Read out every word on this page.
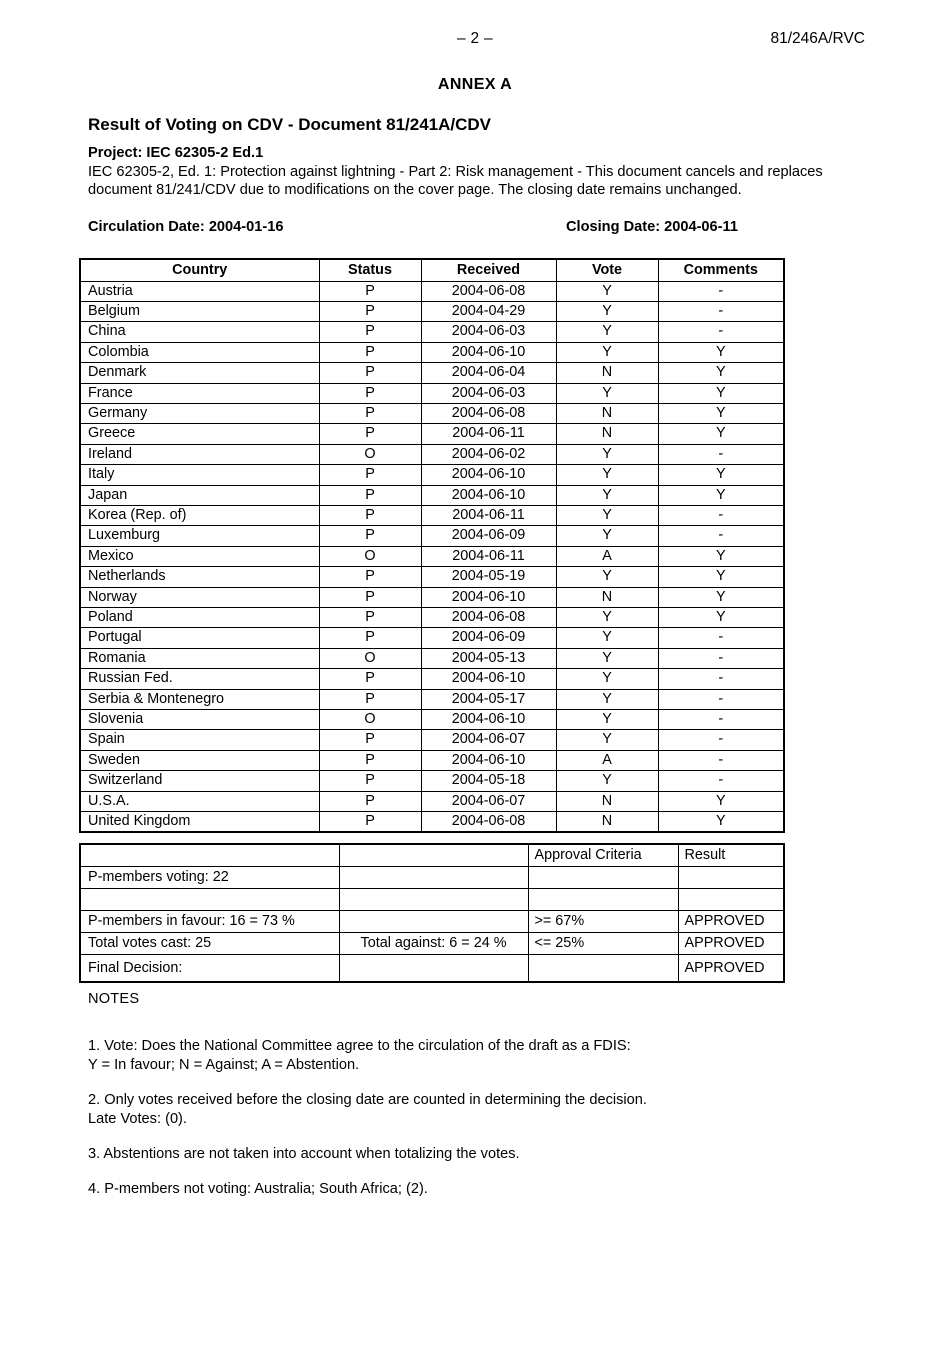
– 2 –	81/246A/RVC
ANNEX A
Result of Voting on CDV - Document 81/241A/CDV
Project: IEC 62305-2 Ed.1
IEC 62305-2, Ed. 1: Protection against lightning - Part 2: Risk management - This document cancels and replaces document 81/241/CDV due to modifications on the cover page. The closing date remains unchanged.
Circulation Date: 2004-01-16	Closing Date: 2004-06-11
Country	Status	Received	Vote	Comments
Austria	P	2004-06-08	Y	-
Belgium	P	2004-04-29	Y	-
China	P	2004-06-03	Y	-
Colombia	P	2004-06-10	Y	Y
Denmark	P	2004-06-04	N	Y
France	P	2004-06-03	Y	Y
Germany	P	2004-06-08	N	Y
Greece	P	2004-06-11	N	Y
Ireland	O	2004-06-02	Y	-
Italy	P	2004-06-10	Y	Y
Japan	P	2004-06-10	Y	Y
Korea (Rep. of)	P	2004-06-11	Y	-
Luxemburg	P	2004-06-09	Y	-
Mexico	O	2004-06-11	A	Y
Netherlands	P	2004-05-19	Y	Y
Norway	P	2004-06-10	N	Y
Poland	P	2004-06-08	Y	Y
Portugal	P	2004-06-09	Y	-
Romania	O	2004-05-13	Y	-
Russian Fed.	P	2004-06-10	Y	-
Serbia & Montenegro	P	2004-05-17	Y	-
Slovenia	O	2004-06-10	Y	-
Spain	P	2004-06-07	Y	-
Sweden	P	2004-06-10	A	-
Switzerland	P	2004-05-18	Y	-
U.S.A.	P	2004-06-07	N	Y
United Kingdom	P	2004-06-08	N	Y
		Approval Criteria	Result
P-members voting: 22			

P-members in favour: 16 = 73 %		>= 67%	APPROVED
Total votes cast: 25	Total against: 6 = 24 %	<= 25%	APPROVED
Final Decision:			APPROVED
NOTES
1. Vote: Does the National Committee agree to the circulation of the draft as a FDIS:
Y = In favour; N = Against; A = Abstention.
2. Only votes received before the closing date are counted in determining the decision.
Late Votes: (0).
3. Abstentions are not taken into account when totalizing the votes.
4. P-members not voting: Australia; South Africa; (2).
